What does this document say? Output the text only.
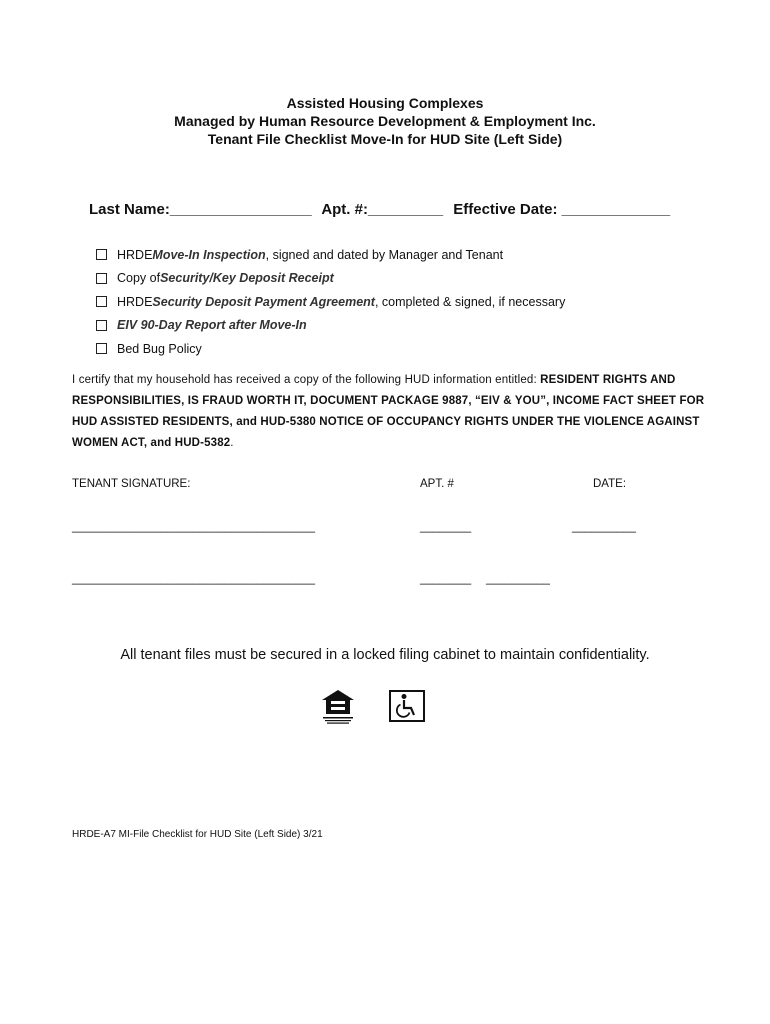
Assisted Housing Complexes
Managed by Human Resource Development & Employment Inc.
Tenant File Checklist Move-In for HUD Site (Left Side)
Last Name:_________________ Apt. #:_________ Effective Date: _____________
HRDE Move-In Inspection , signed and dated by Manager and Tenant
Copy of Security/Key Deposit Receipt
HRDE Security Deposit Payment Agreement , completed & signed, if necessary
EIV 90-Day Report after Move-In
Bed Bug Policy
I certify that my household has received a copy of the following HUD information entitled: RESIDENT RIGHTS AND RESPONSIBILITIES, IS FRAUD WORTH IT, DOCUMENT PACKAGE 9887, “EIV & YOU”, INCOME FACT SHEET FOR HUD ASSISTED RESIDENTS, and HUD-5380 NOTICE OF OCCUPANCY RIGHTS UNDER THE VIOLENCE AGAINST WOMEN ACT, and HUD-5382.
TENANT SIGNATURE:	APT. #	DATE:
______________________________________	________	__________
______________________________________	________ __________
All tenant files must be secured in a locked filing cabinet to maintain confidentiality.
HRDE-A7 MI-File Checklist for HUD Site (Left Side) 3/21
